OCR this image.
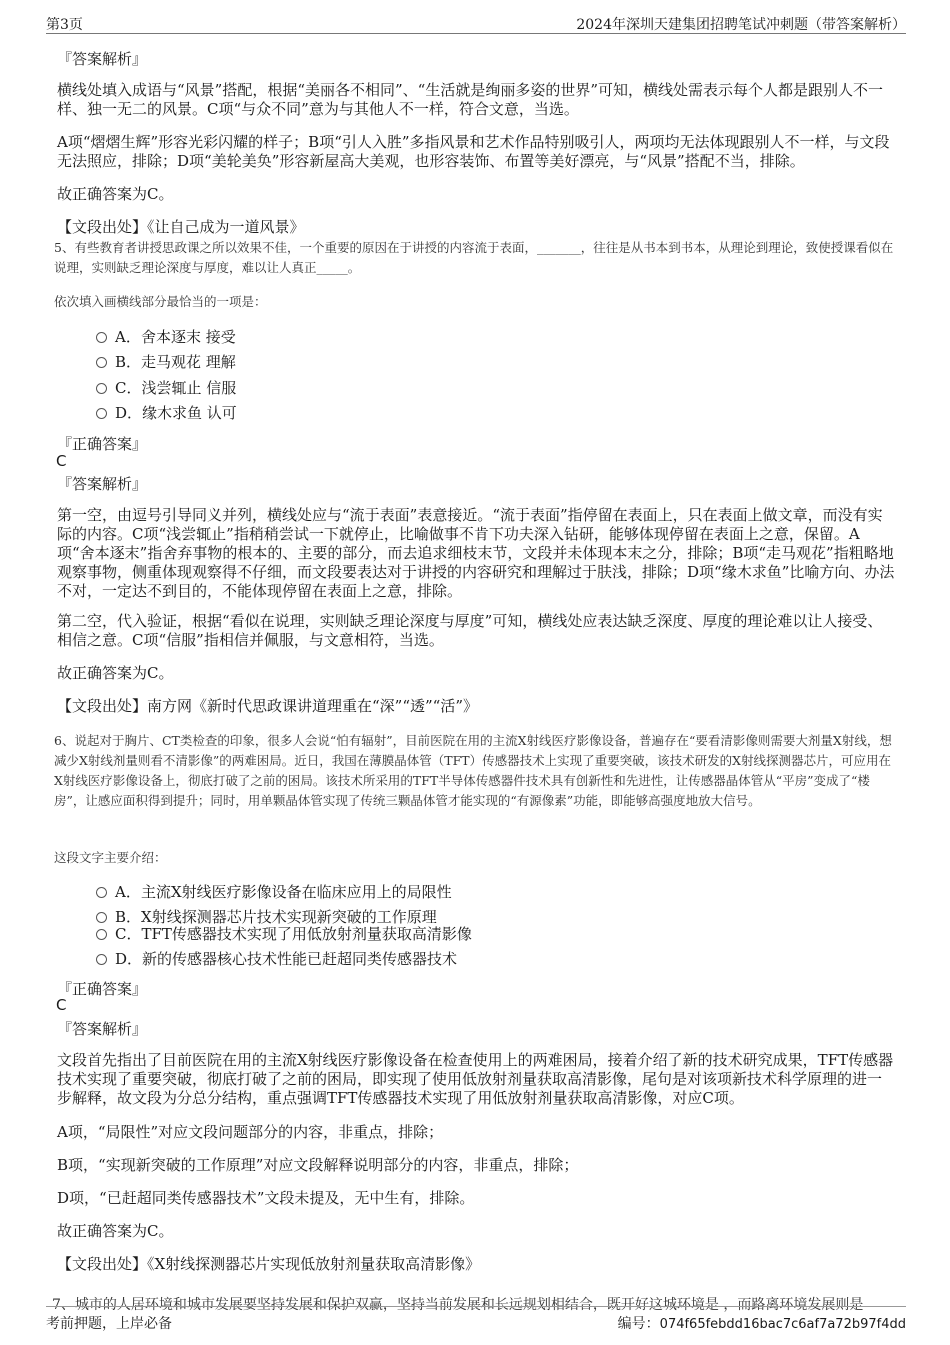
第3页	2024年深圳天建集团招聘笔试冲刺题（带答案解析）
『答案解析』
横线处填入成语与“风景”搭配，根据“美丽各不相同”、“生活就是绚丽多姿的世界”可知，横线处需表示每个人都是跟别人不一样、独一无二的风景。C项“与众不同”意为与其他人不一样，符合文意，当选。
A项“熠熠生辉”形容光彩闪耀的样子；B项“引人入胜”多指风景和艺术作品特别吸引人，两项均无法体现跟别人不一样，与文段无法照应，排除；D项“美轮美奂”形容新屋高大美观，也形容装饰、布置等美好漂亮，与“风景”搭配不当，排除。
故正确答案为C。
【文段出处】《让自己成为一道风景》
5、有些教育者讲授思政课之所以效果不佳，一个重要的原因在于讲授的内容流于表面，_______，往往是从书本到书本，从理论到理论，致使授课看似在说理，实则缺乏理论深度与厚度，难以让人真正_____。
依次填入画横线部分最恰当的一项是：
A．舍本逐末 接受
B．走马观花 理解
C．浅尝辄止 信服
D．缘木求鱼 认可
『正确答案』
C
『答案解析』
第一空，由逗号引导同义并列，横线处应与“流于表面”表意接近。“流于表面”指停留在表面上，只在表面上做文章，而没有实际的内容。C项“浅尝辄止”指稍稍尝试一下就停止，比喻做事不肯下功夫深入钻研，能够体现停留在表面上之意，保留。A项“舍本逐末”指舍弃事物的根本的、主要的部分，而去追求细枝末节，文段并未体现本末之分，排除；B项“走马观花”指粗略地观察事物，侧重体现观察得不仔细，而文段要表达对于讲授的内容研究和理解过于肤浅，排除；D项“缘木求鱼”比喻方向、办法不对，一定达不到目的，不能体现停留在表面上之意，排除。
第二空，代入验证，根据“看似在说理，实则缺乏理论深度与厚度”可知，横线处应表达缺乏深度、厚度的理论难以让人接受、相信之意。C项“信服”指相信并佩服，与文意相符，当选。
故正确答案为C。
【文段出处】南方网《新时代思政课讲道理重在“深”“透”“活”》
6、说起对于胸片、CT类检查的印象，很多人会说“怕有辐射”，目前医院在用的主流X射线医疗影像设备，普遍存在“要看清影像则需要大剂量X射线，想减少X射线剂量则看不清影像”的两难困局。近日，我国在薄膜晶体管（TFT）传感器技术上实现了重要突破，该技术研发的X射线探测器芯片，可应用在X射线医疗影像设备上，彻底打破了之前的困局。该技术所采用的TFT半导体传感器件技术具有创新性和先进性，让传感器晶体管从“平房”变成了“楼房”，让感应面积得到提升；同时，用单颗晶体管实现了传统三颗晶体管才能实现的“有源像素”功能，即能够高强度地放大信号。
这段文字主要介绍：
A．主流X射线医疗影像设备在临床应用上的局限性
B．X射线探测器芯片技术实现新突破的工作原理
C．TFT传感器技术实现了用低放射剂量获取高清影像
D．新的传感器核心技术性能已赶超同类传感器技术
『正确答案』
C
『答案解析』
文段首先指出了目前医院在用的主流X射线医疗影像设备在检查使用上的两难困局，接着介绍了新的技术研究成果，TFT传感器技术实现了重要突破，彻底打破了之前的困局，即实现了使用低放射剂量获取高清影像，尾句是对该项新技术科学原理的进一步解释，故文段为分总分结构，重点强调TFT传感器技术实现了用低放射剂量获取高清影像，对应C项。
A项，“局限性”对应文段问题部分的内容，非重点，排除；
B项，“实现新突破的工作原理”对应文段解释说明部分的内容，非重点，排除；
D项，“已赶超同类传感器技术”文段未提及，无中生有，排除。
故正确答案为C。
【文段出处】《X射线探测器芯片实现低放射剂量获取高清影像》
7、城市的人居环境和城市发展要坚持发展和保护双赢，坚持当前发展和长远规划相结合，既开好这城环境是 ，而路离环境发展则是
考前押题，上岸必备	编号：074f65febdd16bac7c6af7a72b97f4dd
